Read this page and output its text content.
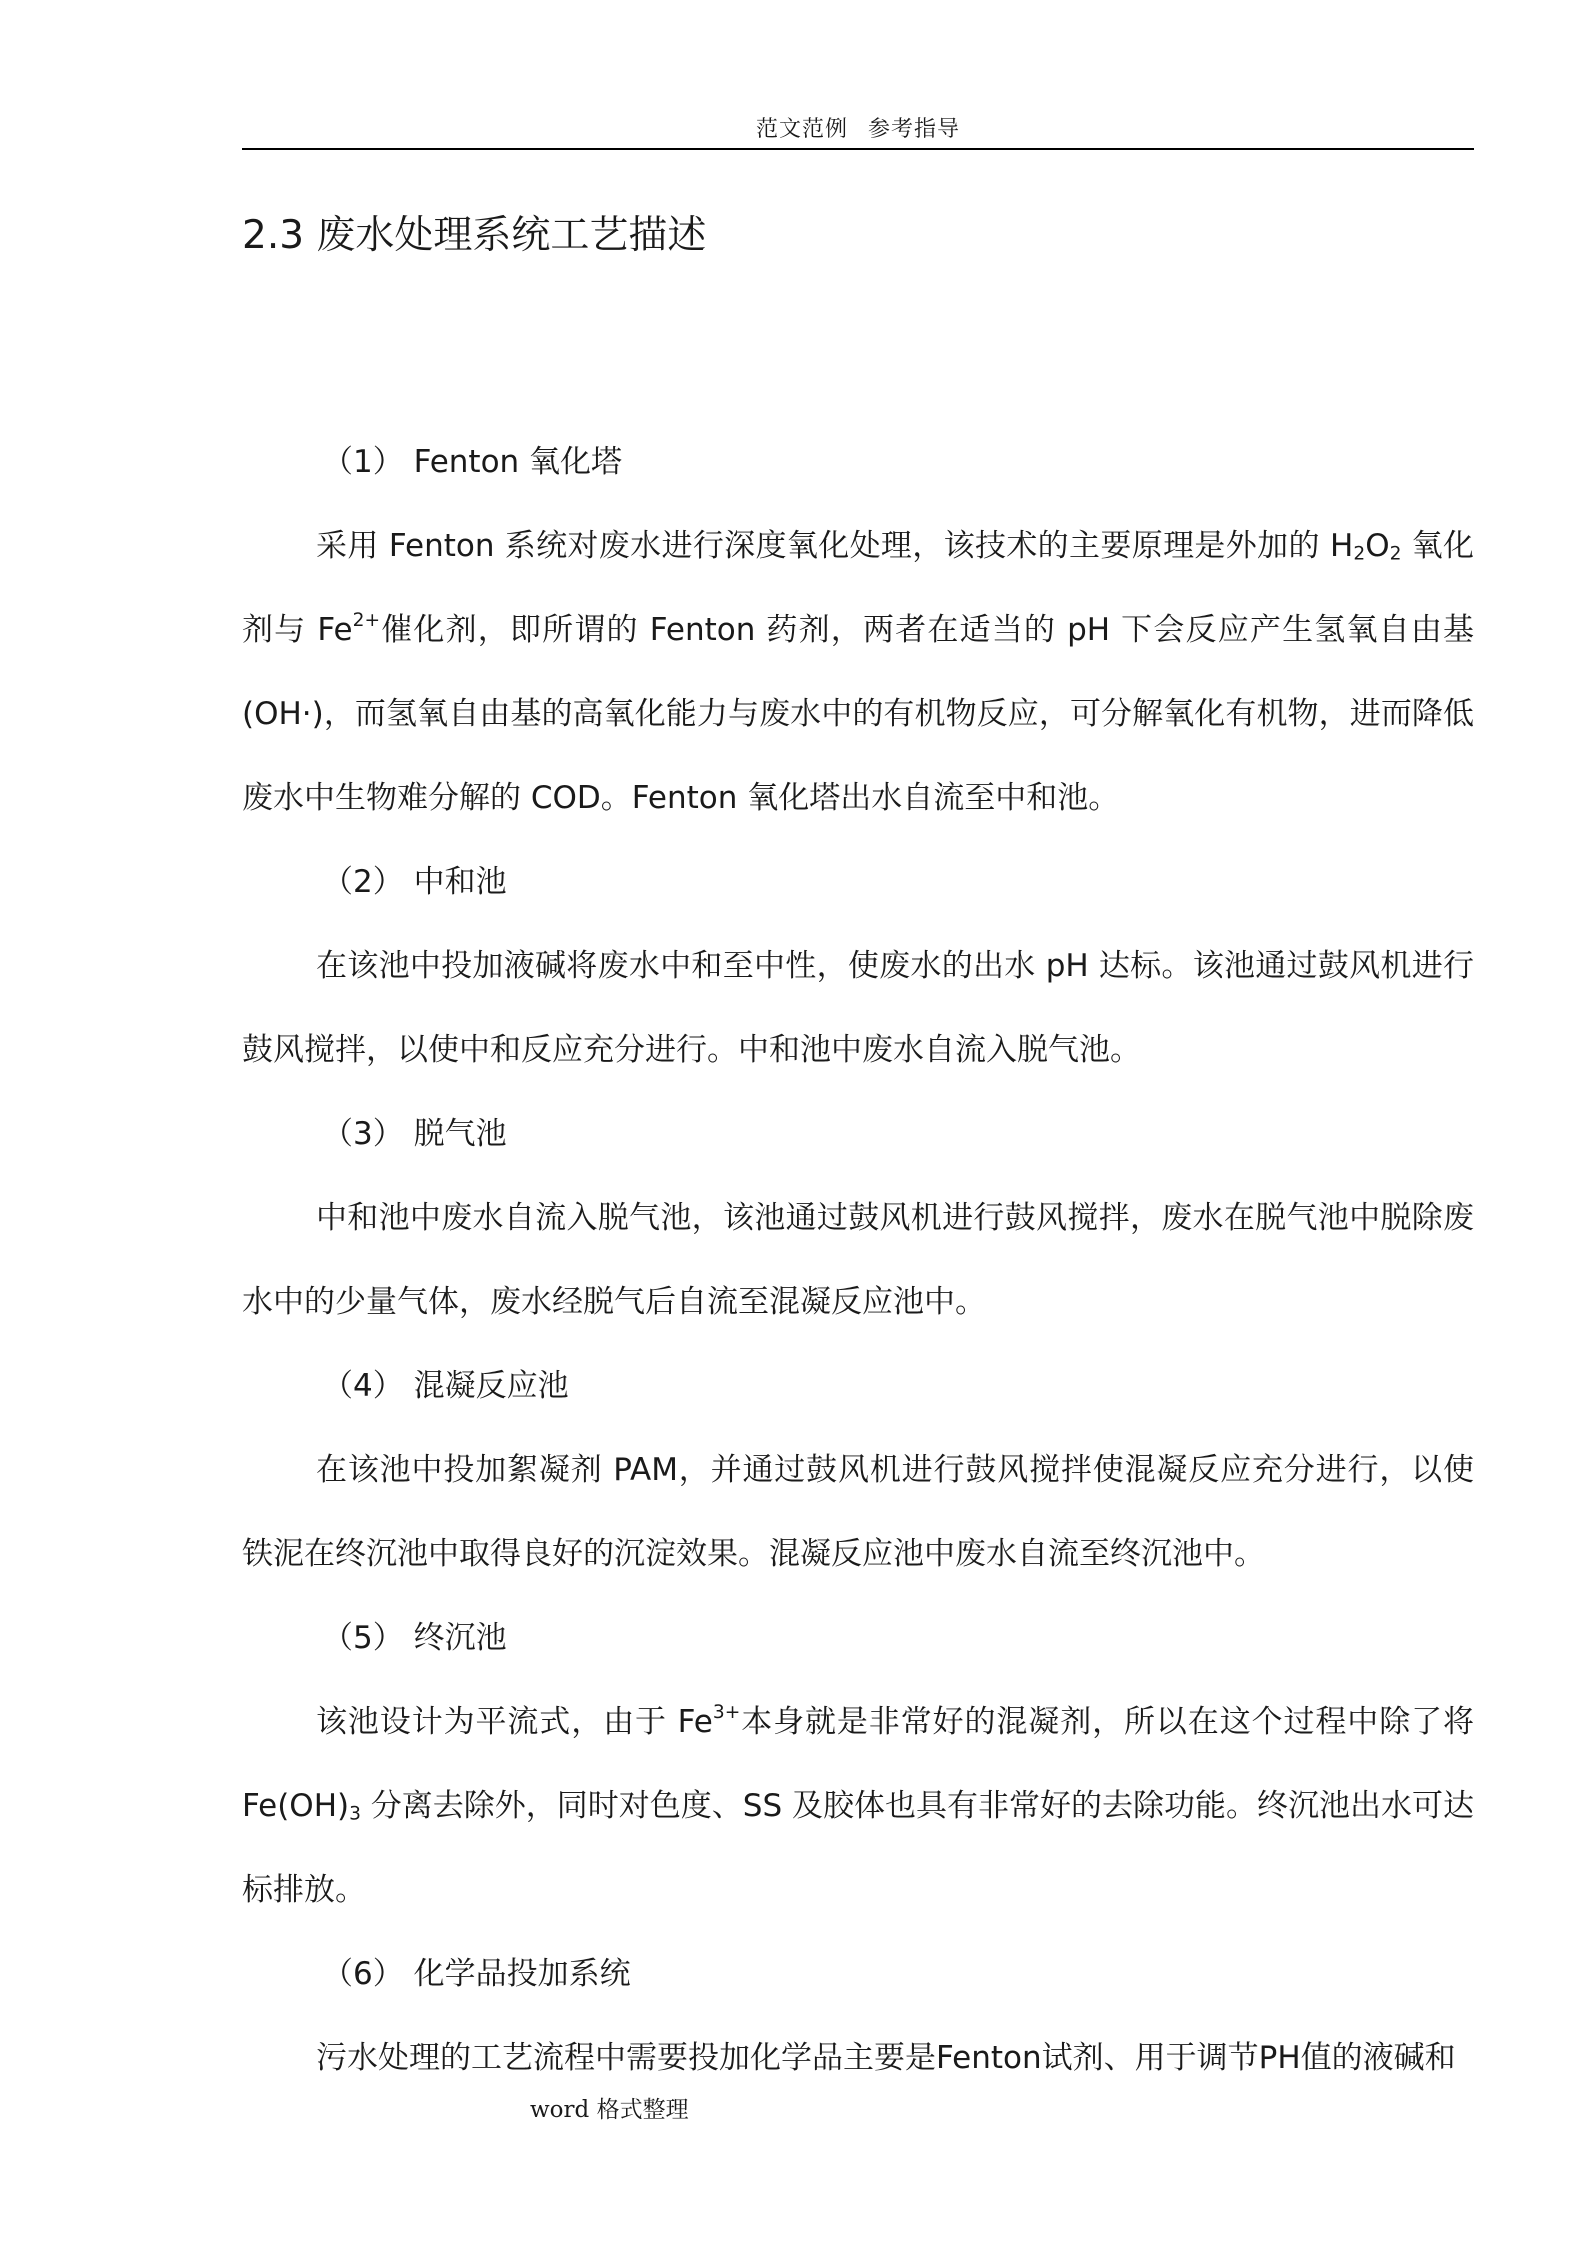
范文范例 参考指导
2.3 废水处理系统工艺描述

（1） Fenton 氧化塔

采用 Fenton 系统对废水进行深度氧化处理，该技术的主要原理是外加的 $H_2O_2$ 氧化剂与 $Fe^{2+}$催化剂，即所谓的 Fenton 药剂，两者在适当的 pH 下会反应产生氢氧自由基(OH·)，而氢氧自由基的高氧化能力与废水中的有机物反应，可分解氧化有机物，进而降低废水中生物难分解的 COD。Fenton 氧化塔出水自流至中和池。

（2） 中和池

在该池中投加液碱将废水中和至中性，使废水的出水 pH 达标。该池通过鼓风机进行鼓风搅拌，以使中和反应充分进行。中和池中废水自流入脱气池。

（3） 脱气池

中和池中废水自流入脱气池，该池通过鼓风机进行鼓风搅拌，废水在脱气池中脱除废水中的少量气体，废水经脱气后自流至混凝反应池中。

（4） 混凝反应池

在该池中投加絮凝剂 PAM，并通过鼓风机进行鼓风搅拌使混凝反应充分进行，以使铁泥在终沉池中取得良好的沉淀效果。混凝反应池中废水自流至终沉池中。

（5） 终沉池

该池设计为平流式，由于 $Fe^{3+}$本身就是非常好的混凝剂，所以在这个过程中除了将 $Fe(OH)_3$ 分离去除外，同时对色度、SS 及胶体也具有非常好的去除功能。终沉池出水可达标排放。

（6） 化学品投加系统

污水处理的工艺流程中需要投加化学品主要是Fenton试剂、用于调节PH值的液碱和

word 格式整理
